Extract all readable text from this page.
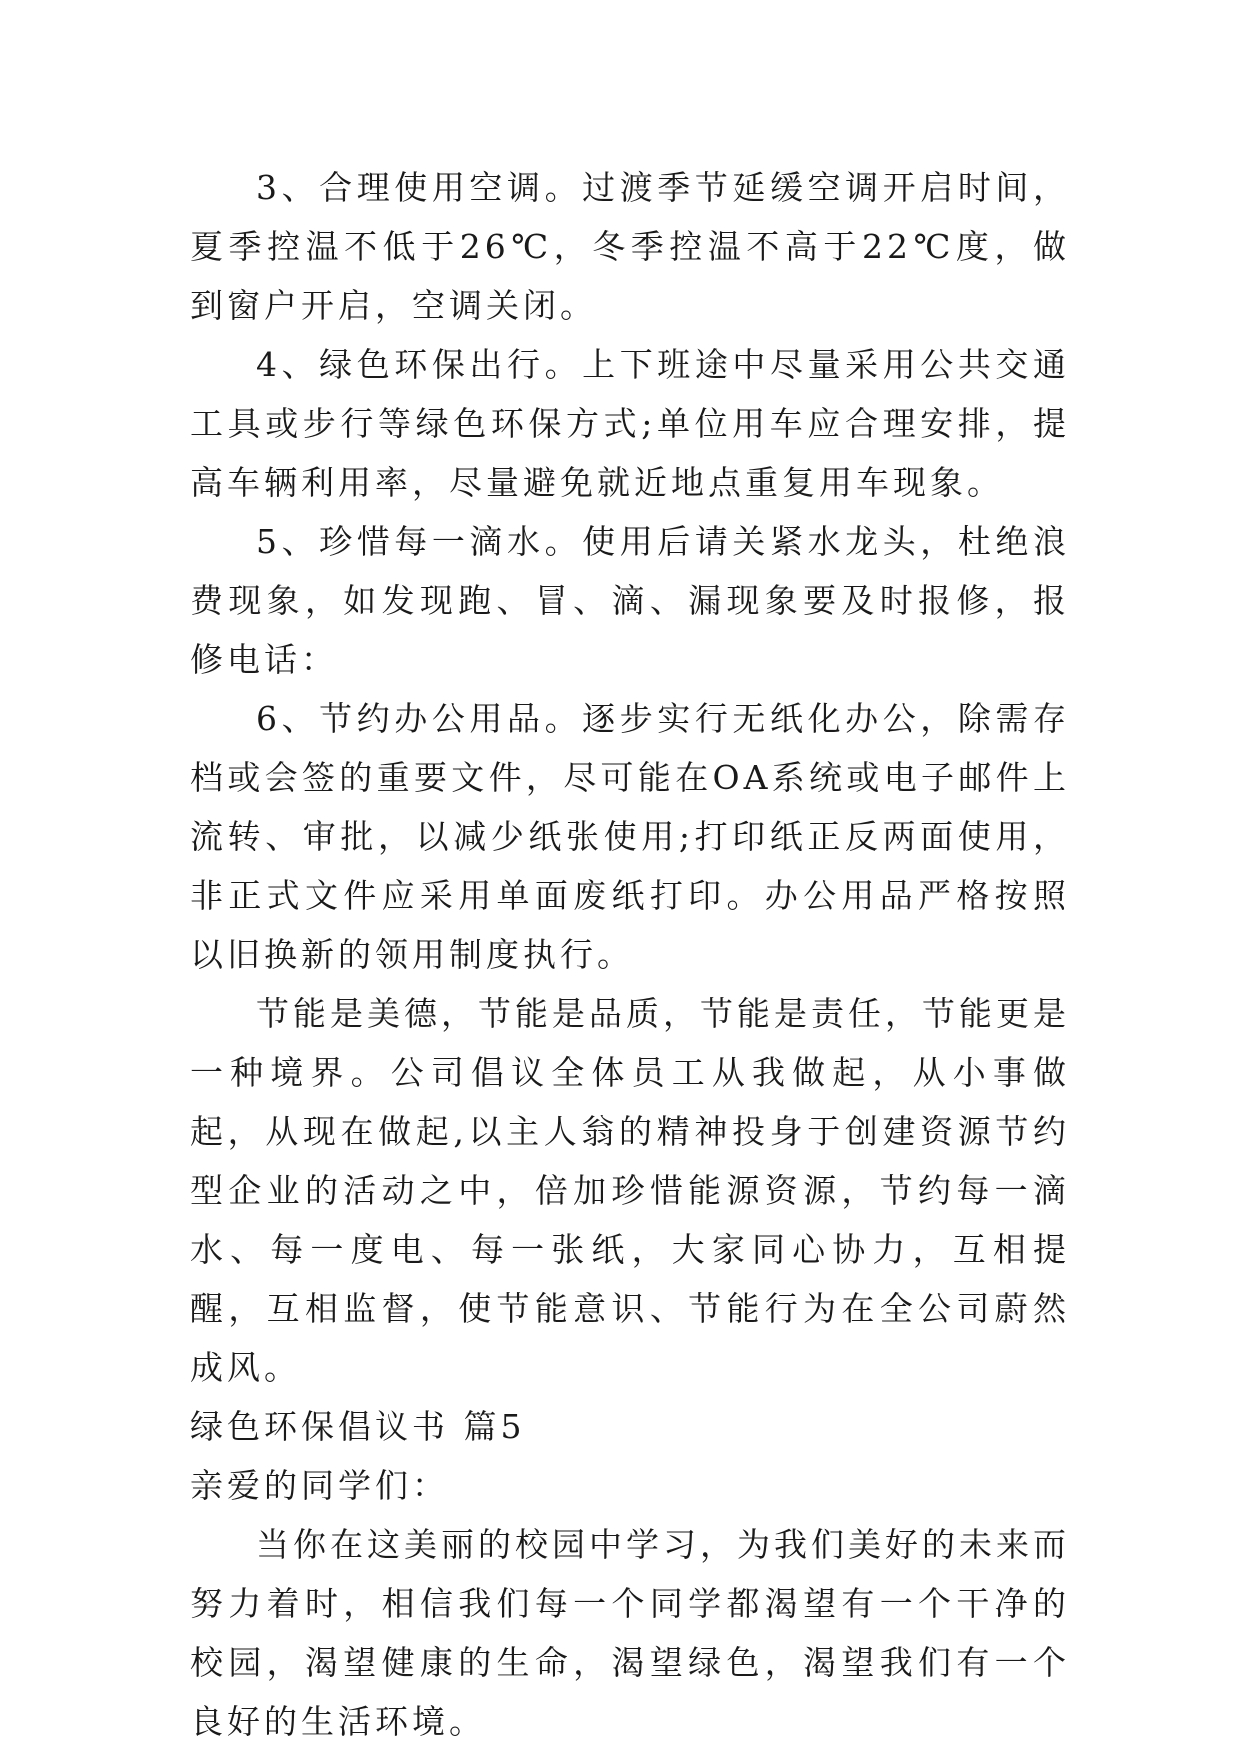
3、合理使用空调。过渡季节延缓空调开启时间，夏季控温不低于26℃，冬季控温不高于22℃度，做到窗户开启，空调关闭。

4、绿色环保出行。上下班途中尽量采用公共交通工具或步行等绿色环保方式;单位用车应合理安排，提高车辆利用率，尽量避免就近地点重复用车现象。

5、珍惜每一滴水。使用后请关紧水龙头，杜绝浪费现象，如发现跑、冒、滴、漏现象要及时报修，报修电话：

6、节约办公用品。逐步实行无纸化办公，除需存档或会签的重要文件，尽可能在OA系统或电子邮件上流转、审批，以减少纸张使用;打印纸正反两面使用，非正式文件应采用单面废纸打印。办公用品严格按照以旧换新的领用制度执行。

节能是美德，节能是品质，节能是责任，节能更是一种境界。公司倡议全体员工从我做起，从小事做起，从现在做起,以主人翁的精神投身于创建资源节约型企业的活动之中，倍加珍惜能源资源，节约每一滴水、每一度电、每一张纸，大家同心协力，互相提醒，互相监督，使节能意识、节能行为在全公司蔚然成风。

绿色环保倡议书 篇5

亲爱的同学们：

当你在这美丽的校园中学习，为我们美好的未来而努力着时，相信我们每一个同学都渴望有一个干净的校园，渴望健康的生命，渴望绿色，渴望我们有一个良好的生活环境。
